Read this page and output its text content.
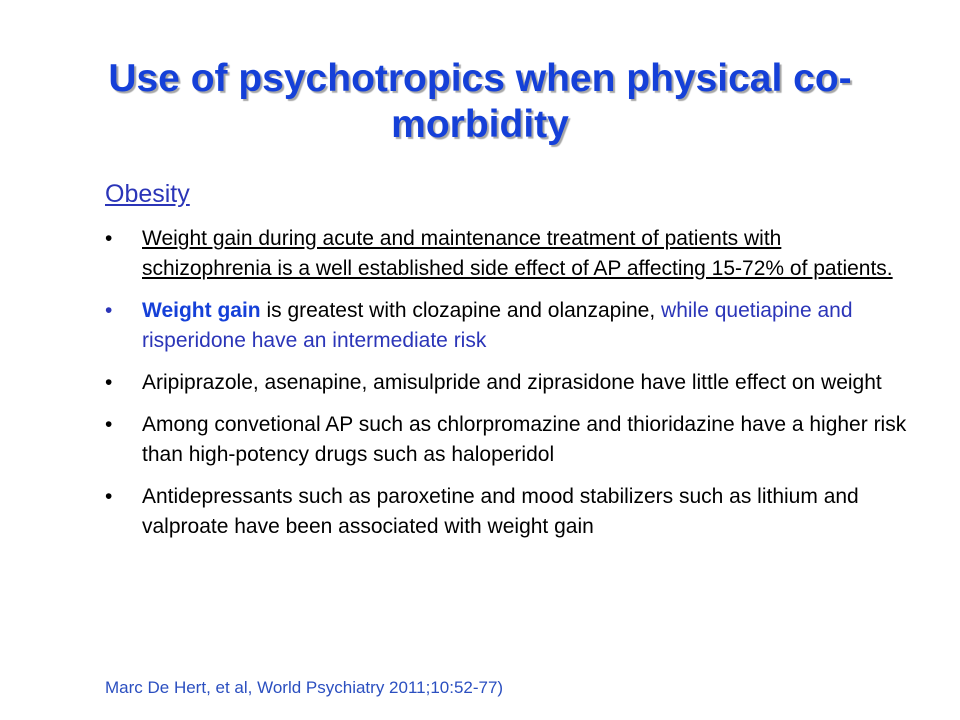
Use of psychotropics when physical co-morbidity
Obesity
•	Weight gain during acute and maintenance treatment of patients with schizophrenia is a well established side effect of AP affecting 15-72% of patients.
•	Weight gain is greatest with clozapine and olanzapine, while quetiapine and risperidone have an intermediate risk
•	Aripiprazole, asenapine, amisulpride and ziprasidone have little effect on weight
•	Among convetional AP such as chlorpromazine and thioridazine have a higher risk than high-potency drugs such as haloperidol
•	Antidepressants such as paroxetine and mood stabilizers such as lithium and valproate have been associated with weight gain
Marc De Hert, et al, World Psychiatry 2011;10:52-77)
